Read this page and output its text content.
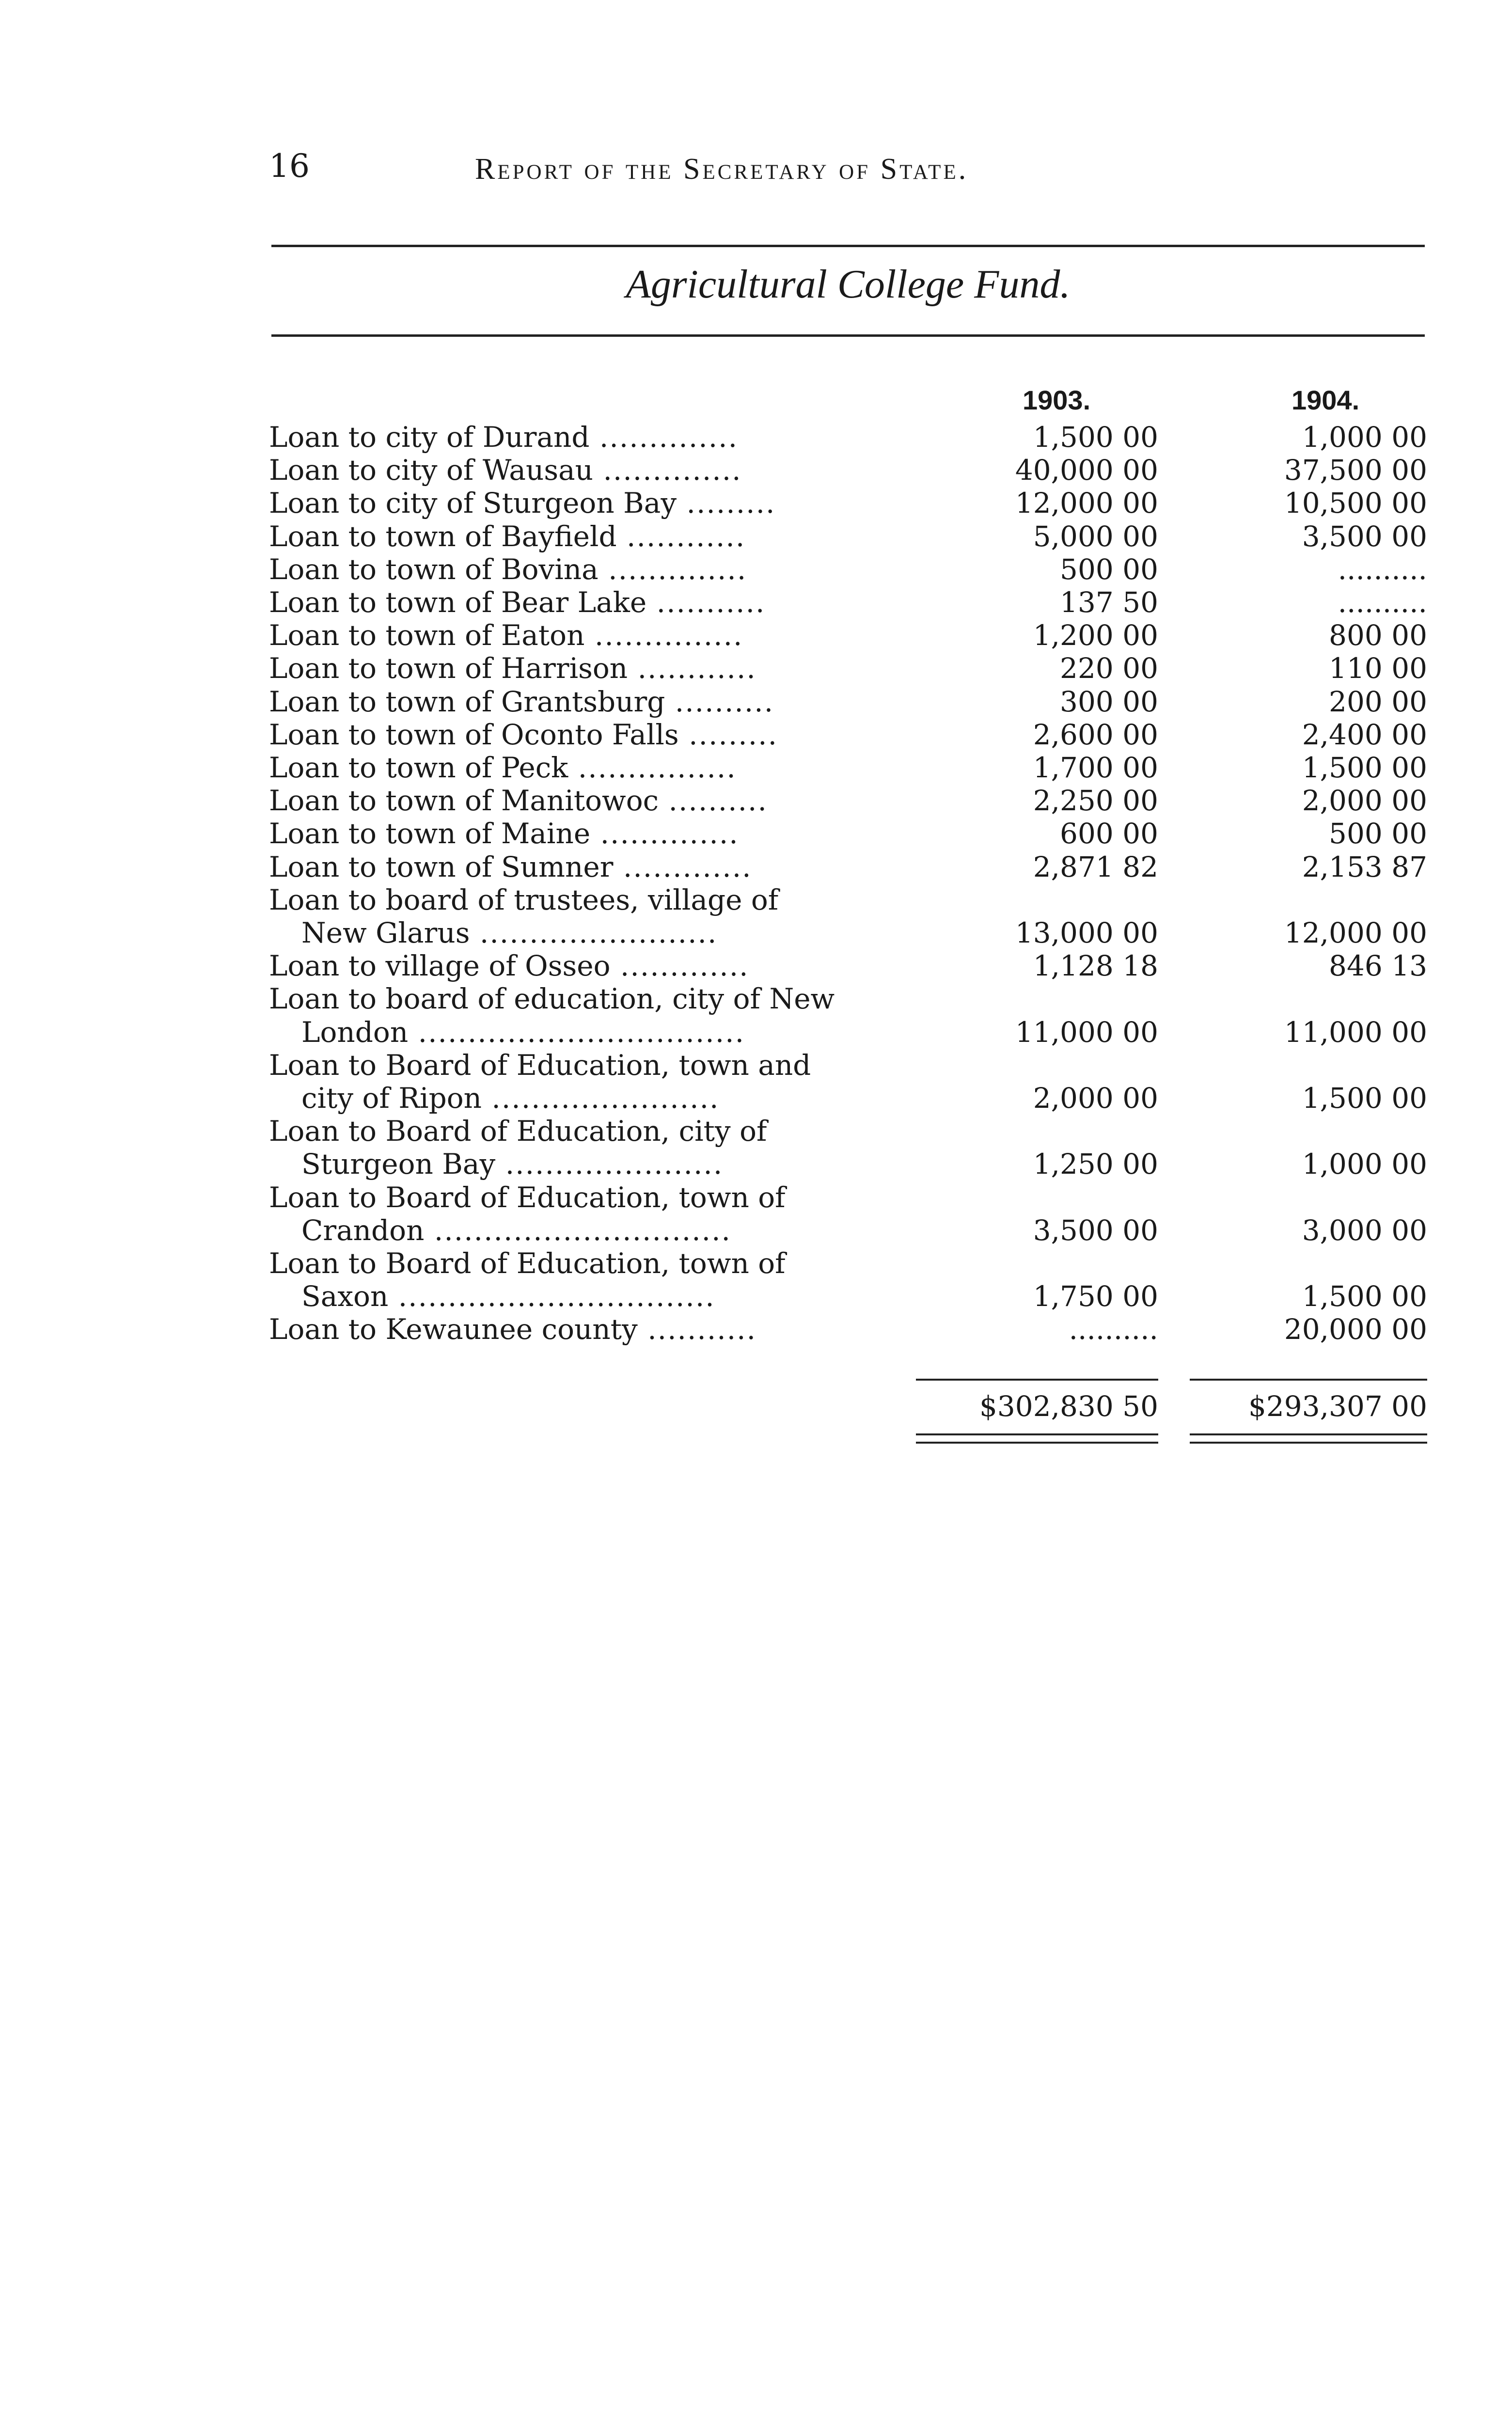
16	Report of the Secretary of State.
Agricultural College Fund.
1903.	1904.
Loan to city of Durand ..............	1,500 00	1,000 00
Loan to city of Wausau ..............	40,000 00	37,500 00
Loan to city of Sturgeon Bay .........	12,000 00	10,500 00
Loan to town of Bayfield ............	5,000 00	3,500 00
Loan to town of Bovina ..............	500 00	..........
Loan to town of Bear Lake ...........	137 50	..........
Loan to town of Eaton ...............	1,200 00	800 00
Loan to town of Harrison ............	220 00	110 00
Loan to town of Grantsburg ..........	300 00	200 00
Loan to town of Oconto Falls .........	2,600 00	2,400 00
Loan to town of Peck ................	1,700 00	1,500 00
Loan to town of Manitowoc ..........	2,250 00	2,000 00
Loan to town of Maine ..............	600 00	500 00
Loan to town of Sumner .............	2,871 82	2,153 87
Loan to board of trustees, village of
New Glarus ........................	13,000 00	12,000 00
Loan to village of Osseo .............	1,128 18	846 13
Loan to board of education, city of New
London .................................	11,000 00	11,000 00
Loan to Board of Education, town and
city of Ripon .......................	2,000 00	1,500 00
Loan to Board of Education, city of
Sturgeon Bay ......................	1,250 00	1,000 00
Loan to Board of Education, town of
Crandon ..............................	3,500 00	3,000 00
Loan to Board of Education, town of
Saxon ................................	1,750 00	1,500 00
Loan to Kewaunee county ...........	..........	20,000 00
$302,830 50	$293,307 00
